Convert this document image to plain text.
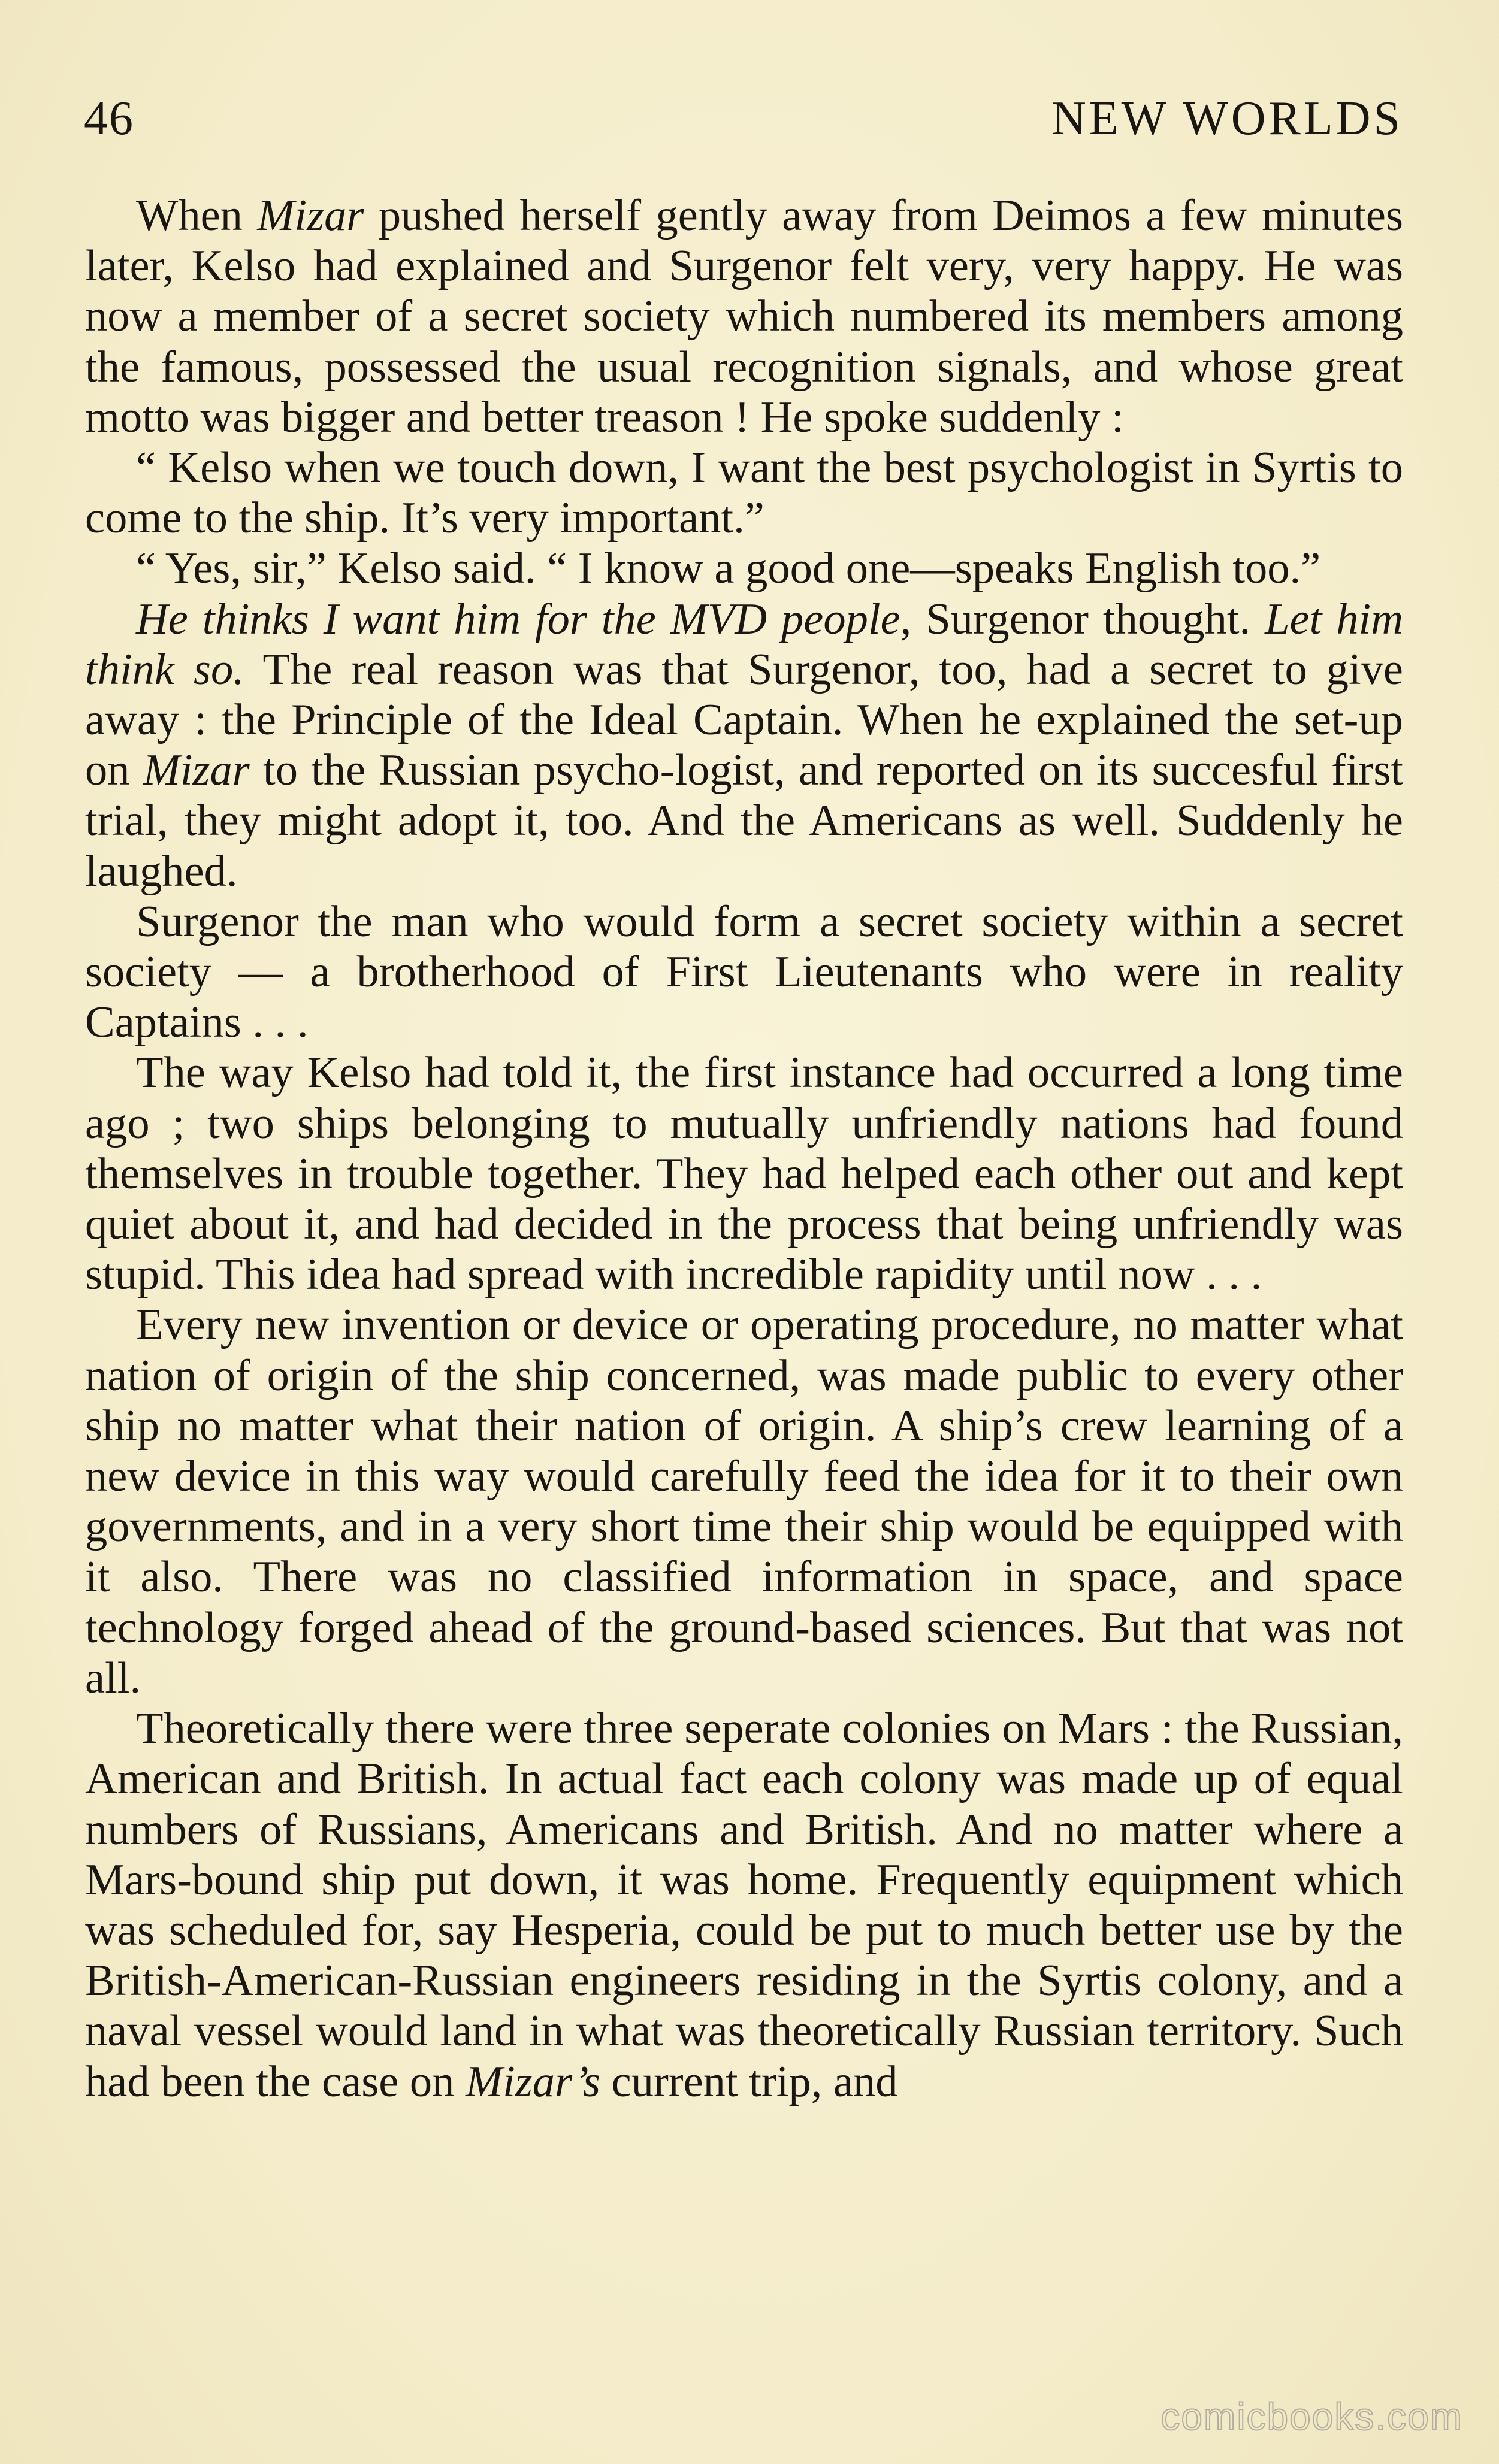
46	NEW WORLDS

When Mizar pushed herself gently away from Deimos a few minutes later, Kelso had explained and Surgenor felt very, very happy. He was now a member of a secret society which numbered its members among the famous, possessed the usual recognition signals, and whose great motto was bigger and better treason ! He spoke suddenly :

“ Kelso when we touch down, I want the best psychologist in Syrtis to come to the ship. It’s very important.”

“ Yes, sir,” Kelso said. “ I know a good one—speaks English too.”

He thinks I want him for the MVD people, Surgenor thought. Let him think so. The real reason was that Surgenor, too, had a secret to give away : the Principle of the Ideal Captain. When he explained the set-up on Mizar to the Russian psycho-logist, and reported on its succesful first trial, they might adopt it, too. And the Americans as well. Suddenly he laughed.

Surgenor the man who would form a secret society within a secret society — a brotherhood of First Lieutenants who were in reality Captains . . .

The way Kelso had told it, the first instance had occurred a long time ago ; two ships belonging to mutually unfriendly nations had found themselves in trouble together. They had helped each other out and kept quiet about it, and had decided in the process that being unfriendly was stupid. This idea had spread with incredible rapidity until now . . .

Every new invention or device or operating procedure, no matter what nation of origin of the ship concerned, was made public to every other ship no matter what their nation of origin. A ship’s crew learning of a new device in this way would carefully feed the idea for it to their own governments, and in a very short time their ship would be equipped with it also. There was no classified information in space, and space technology forged ahead of the ground-based sciences. But that was not all.

Theoretically there were three seperate colonies on Mars : the Russian, American and British. In actual fact each colony was made up of equal numbers of Russians, Americans and British. And no matter where a Mars-bound ship put down, it was home. Frequently equipment which was scheduled for, say Hesperia, could be put to much better use by the British-American-Russian engineers residing in the Syrtis colony, and a naval vessel would land in what was theoretically Russian territory. Such had been the case on Mizar’s current trip, and

comicbooks.com
